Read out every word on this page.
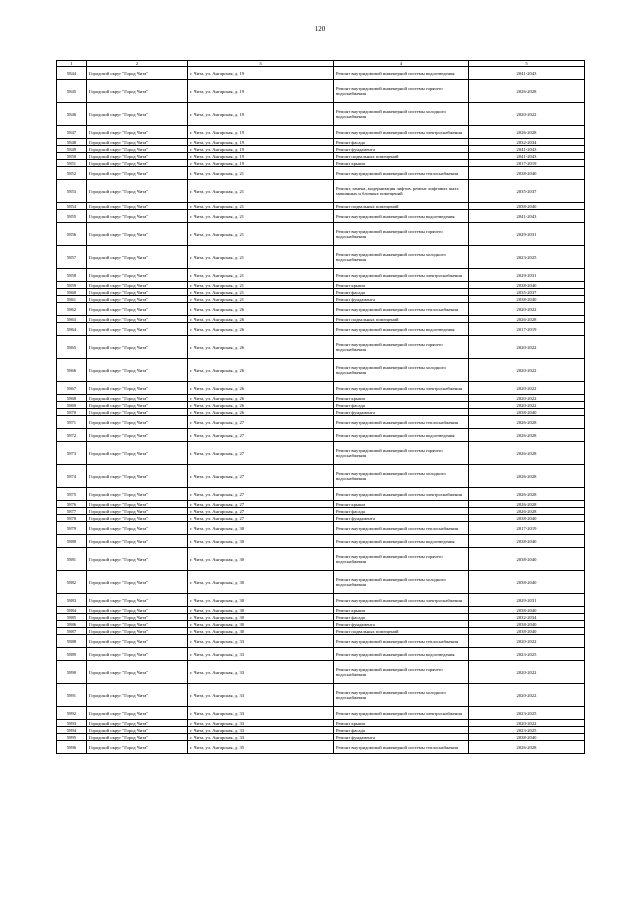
120
1	2	3	4	5
5844	Городской округ "Город Чита"	г. Чита, ул. Ангарская, д. 19	Ремонт внутридомовой инженерной системы водоотведения	2041-2043
5845	Городской округ "Город Чита"	г. Чита, ул. Ангарская, д. 19	Ремонт внутридомовой инженерной системы горячего водоснабжения	2026-2028
5846	Городской округ "Город Чита"	г. Чита, ул. Ангарская, д. 19	Ремонт внутридомовой инженерной системы холодного водоснабжения	2020-2022
5847	Городской округ "Город Чита"	г. Чита, ул. Ангарская, д. 19	Ремонт внутридомовой инженерной системы электроснабжения	2026-2028
5848	Городской округ "Город Чита"	г. Чита, ул. Ангарская, д. 19	Ремонт фасада	2032-2034
5849	Городской округ "Город Чита"	г. Чита, ул. Ангарская, д. 19	Ремонт фундамента	2041-2043
5850	Городской округ "Город Чита"	г. Чита, ул. Ангарская, д. 19	Ремонт подвальных помещений	2041-2043
5851	Городской округ "Город Чита"	г. Чита, ул. Ангарская, д. 19	Ремонт крыши	2017-2019
5852	Городской округ "Город Чита"	г. Чита, ул. Ангарская, д. 21	Ремонт внутридомовой инженерной системы теплоснабжения	2038-2040
5853	Городской округ "Город Чита"	г. Чита, ул. Ангарская, д. 21	Ремонт, замена, модернизация лифтов, ремонт лифтовых шахт, машинных и блочных помещений	2035-2037
5854	Городской округ "Город Чита"	г. Чита, ул. Ангарская, д. 21	Ремонт подвальных помещений	2038-2040
5855	Городской округ "Город Чита"	г. Чита, ул. Ангарская, д. 21	Ремонт внутридомовой инженерной системы водоотведения	2041-2043
5856	Городской округ "Город Чита"	г. Чита, ул. Ангарская, д. 21	Ремонт внутридомовой инженерной системы горячего водоснабжения	2029-2031
5857	Городской округ "Город Чита"	г. Чита, ул. Ангарская, д. 21	Ремонт внутридомовой инженерной системы холодного водоснабжения	2023-2025
5858	Городской округ "Город Чита"	г. Чита, ул. Ангарская, д. 21	Ремонт внутридомовой инженерной системы электроснабжения	2029-2031
5859	Городской округ "Город Чита"	г. Чита, ул. Ангарская, д. 21	Ремонт крыши	2038-2040
5860	Городской округ "Город Чита"	г. Чита, ул. Ангарская, д. 21	Ремонт фасада	2035-2037
5861	Городской округ "Город Чита"	г. Чита, ул. Ангарская, д. 21	Ремонт фундамента	2038-2040
5862	Городской округ "Город Чита"	г. Чита, ул. Ангарская, д. 26	Ремонт внутридомовой инженерной системы теплоснабжения	2020-2022
5863	Городской округ "Город Чита"	г. Чита, ул. Ангарская, д. 26	Ремонт подвальных помещений	2026-2028
5864	Городской округ "Город Чита"	г. Чита, ул. Ангарская, д. 26	Ремонт внутридомовой инженерной системы водоотведения	2017-2019
5865	Городской округ "Город Чита"	г. Чита, ул. Ангарская, д. 26	Ремонт внутридомовой инженерной системы горячего водоснабжения	2020-2022
5866	Городской округ "Город Чита"	г. Чита, ул. Ангарская, д. 26	Ремонт внутридомовой инженерной системы холодного водоснабжения	2020-2022
5867	Городской округ "Город Чита"	г. Чита, ул. Ангарская, д. 26	Ремонт внутридомовой инженерной системы электроснабжения	2020-2022
5868	Городской округ "Город Чита"	г. Чита, ул. Ангарская, д. 26	Ремонт крыши	2020-2022
5869	Городской округ "Город Чита"	г. Чита, ул. Ангарская, д. 26	Ремонт фасада	2020-2022
5870	Городской округ "Город Чита"	г. Чита, ул. Ангарская, д. 26	Ремонт фундамента	2038-2040
5871	Городской округ "Город Чита"	г. Чита, ул. Ангарская, д. 27	Ремонт внутридомовой инженерной системы теплоснабжения	2026-2028
5872	Городской округ "Город Чита"	г. Чита, ул. Ангарская, д. 27	Ремонт внутридомовой инженерной системы водоотведения	2026-2028
5873	Городской округ "Город Чита"	г. Чита, ул. Ангарская, д. 27	Ремонт внутридомовой инженерной системы горячего водоснабжения	2026-2028
5874	Городской округ "Город Чита"	г. Чита, ул. Ангарская, д. 27	Ремонт внутридомовой инженерной системы холодного водоснабжения	2026-2028
5875	Городской округ "Город Чита"	г. Чита, ул. Ангарская, д. 27	Ремонт внутридомовой инженерной системы электроснабжения	2026-2028
5876	Городской округ "Город Чита"	г. Чита, ул. Ангарская, д. 27	Ремонт крыши	2026-2028
5877	Городской округ "Город Чита"	г. Чита, ул. Ангарская, д. 27	Ремонт фасада	2026-2028
5878	Городской округ "Город Чита"	г. Чита, ул. Ангарская, д. 27	Ремонт фундамента	2038-2040
5879	Городской округ "Город Чита"	г. Чита, ул. Ангарская, д. 30	Ремонт внутридомовой инженерной системы теплоснабжения	2017-2019
5880	Городской округ "Город Чита"	г. Чита, ул. Ангарская, д. 30	Ремонт внутридомовой инженерной системы водоотведения	2038-2040
5881	Городской округ "Город Чита"	г. Чита, ул. Ангарская, д. 30	Ремонт внутридомовой инженерной системы горячего водоснабжения	2038-2040
5882	Городской округ "Город Чита"	г. Чита, ул. Ангарская, д. 30	Ремонт внутридомовой инженерной системы холодного водоснабжения	2038-2040
5883	Городской округ "Город Чита"	г. Чита, ул. Ангарская, д. 30	Ремонт внутридомовой инженерной системы электроснабжения	2029-2031
5884	Городской округ "Город Чита"	г. Чита, ул. Ангарская, д. 30	Ремонт крыши	2038-2040
5885	Городской округ "Город Чита"	г. Чита, ул. Ангарская, д. 30	Ремонт фасада	2032-2034
5886	Городской округ "Город Чита"	г. Чита, ул. Ангарская, д. 30	Ремонт фундамента	2038-2040
5887	Городской округ "Город Чита"	г. Чита, ул. Ангарская, д. 30	Ремонт подвальных помещений	2038-2040
5888	Городской округ "Город Чита"	г. Чита, ул. Ангарская, д. 33	Ремонт внутридомовой инженерной системы теплоснабжения	2020-2022
5889	Городской округ "Город Чита"	г. Чита, ул. Ангарская, д. 33	Ремонт внутридомовой инженерной системы водоотведения	2023-2025
5890	Городской округ "Город Чита"	г. Чита, ул. Ангарская, д. 33	Ремонт внутридомовой инженерной системы горячего водоснабжения	2020-2022
5891	Городской округ "Город Чита"	г. Чита, ул. Ангарская, д. 33	Ремонт внутридомовой инженерной системы холодного водоснабжения	2020-2022
5892	Городской округ "Город Чита"	г. Чита, ул. Ангарская, д. 33	Ремонт внутридомовой инженерной системы электроснабжения	2023-2025
5893	Городской округ "Город Чита"	г. Чита, ул. Ангарская, д. 33	Ремонт крыши	2020-2022
5894	Городской округ "Город Чита"	г. Чита, ул. Ангарская, д. 33	Ремонт фасада	2023-2025
5895	Городской округ "Город Чита"	г. Чита, ул. Ангарская, д. 33	Ремонт фундамента	2038-2040
5896	Городской округ "Город Чита"	г. Чита, ул. Ангарская, д. 35	Ремонт внутридомовой инженерной системы теплоснабжения	2026-2028
